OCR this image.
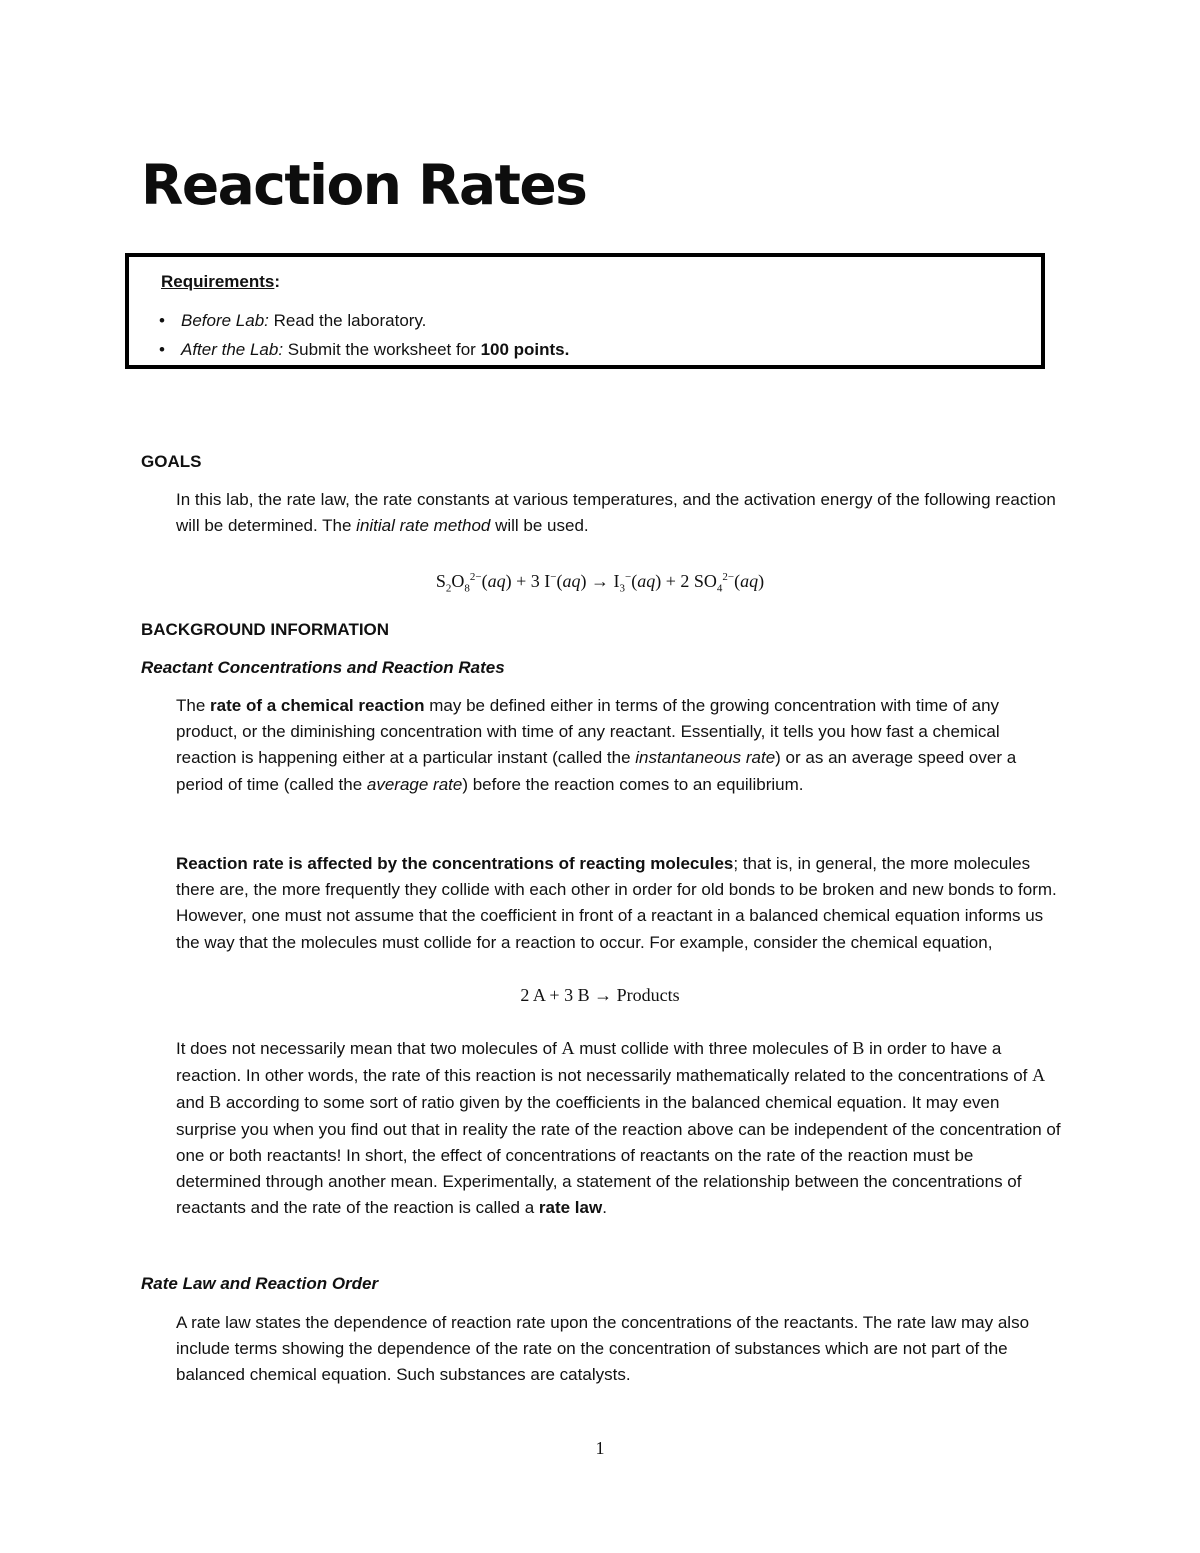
Reaction Rates
Requirements:
• Before Lab: Read the laboratory.
• After the Lab: Submit the worksheet for 100 points.
GOALS

In this lab, the rate law, the rate constants at various temperatures, and the activation energy of the following reaction will be determined. The initial rate method will be used.

$S_2O_8^{2-}(aq) + 3$ $I^-(aq) \to I_3^-(aq) + 2$ $SO_4^{2-}(aq)$

BACKGROUND INFORMATION
Reactant Concentrations and Reaction Rates

The rate of a chemical reaction may be defined either in terms of the growing concentration with time of any product, or the diminishing concentration with time of any reactant. Essentially, it tells you how fast a chemical reaction is happening either at a particular instant (called the instantaneous rate) or as an average speed over a period of time (called the average rate) before the reaction comes to an equilibrium.

Reaction rate is affected by the concentrations of reacting molecules; that is, in general, the more molecules there are, the more frequently they collide with each other in order for old bonds to be broken and new bonds to form. However, one must not assume that the coefficient in front of a reactant in a balanced chemical equation informs us the way that the molecules must collide for a reaction to occur. For example, consider the chemical equation,

2 A + 3 B → Products

It does not necessarily mean that two molecules of A must collide with three molecules of B in order to have a reaction. In other words, the rate of this reaction is not necessarily mathematically related to the concentrations of A and B according to some sort of ratio given by the coefficients in the balanced chemical equation. It may even surprise you when you find out that in reality the rate of the reaction above can be independent of the concentration of one or both reactants! In short, the effect of concentrations of reactants on the rate of the reaction must be determined through another mean. Experimentally, a statement of the relationship between the concentrations of reactants and the rate of the reaction is called a rate law.

Rate Law and Reaction Order

A rate law states the dependence of reaction rate upon the concentrations of the reactants. The rate law may also include terms showing the dependence of the rate on the concentration of substances which are not part of the balanced chemical equation. Such substances are catalysts.

1
